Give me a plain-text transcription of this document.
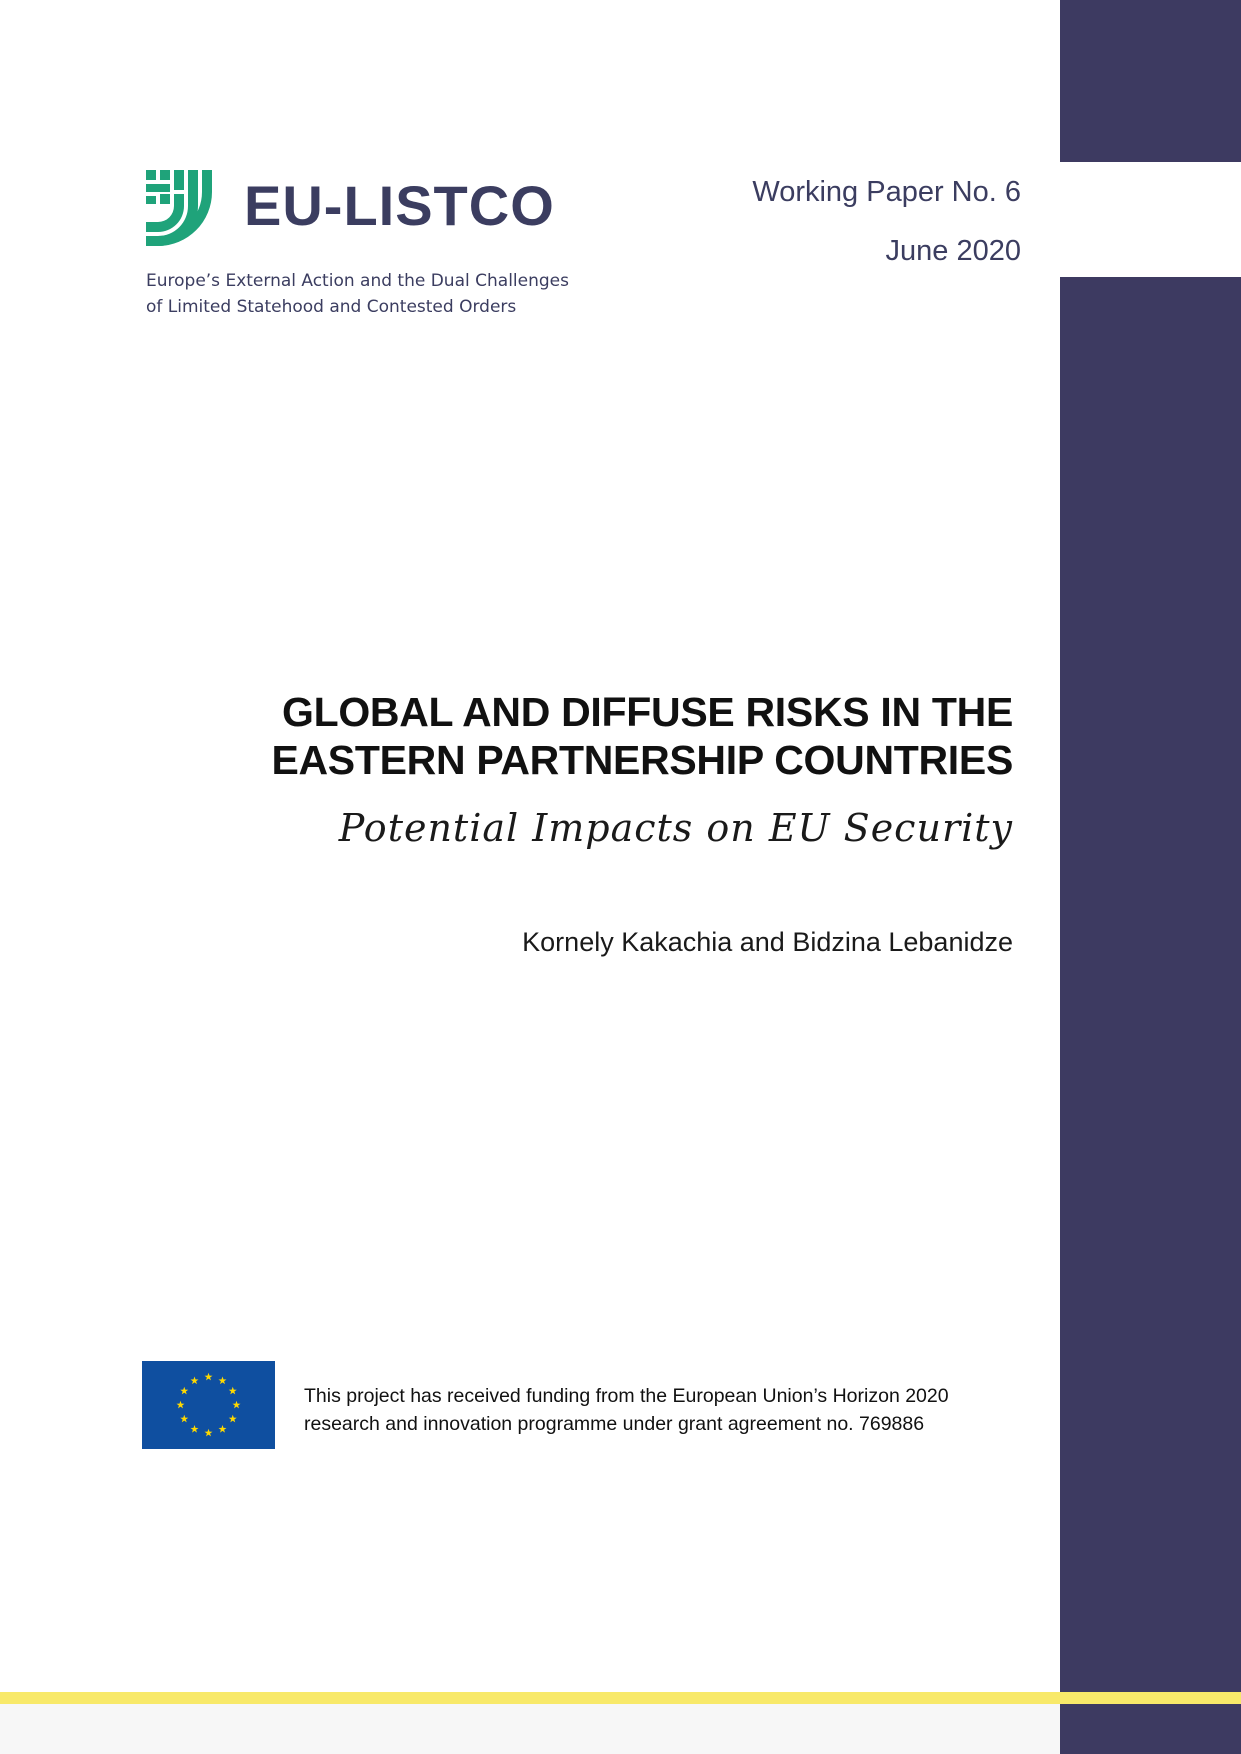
EU-LISTCO
Europe’s External Action and the Dual Challenges
of Limited Statehood and Contested Orders
Working Paper No. 6
June 2020
GLOBAL AND DIFFUSE RISKS IN THE
EASTERN PARTNERSHIP COUNTRIES
Potential Impacts on EU Security
Kornely Kakachia and Bidzina Lebanidze
This project has received funding from the European Union’s Horizon 2020
research and innovation programme under grant agreement no. 769886
